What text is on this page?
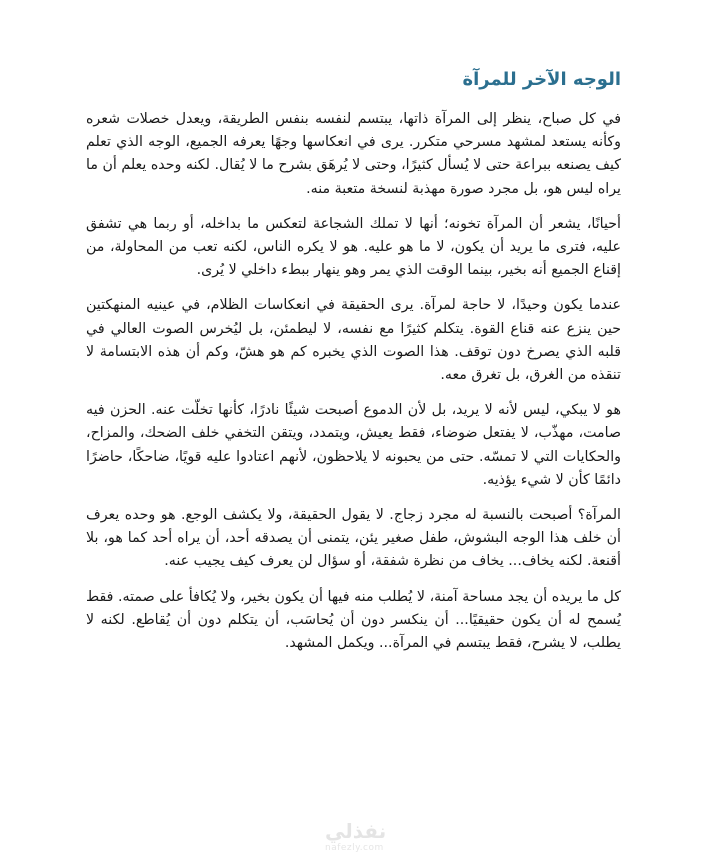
الوجه الآخر للمرآة

في كل صباح، ينظر إلى المرآة ذاتها، يبتسم لنفسه بنفس الطريقة، ويعدل خصلات شعره وكأنه يستعد لمشهد مسرحي متكرر. يرى في انعكاسها وجهًا يعرفه الجميع، الوجه الذي تعلم كيف يصنعه ببراعة حتى لا يُسأل كثيرًا، وحتى لا يُرهَق بشرح ما لا يُقال. لكنه وحده يعلم أن ما يراه ليس هو، بل مجرد صورة مهذبة لنسخة متعبة منه.

أحيانًا، يشعر أن المرآة تخونه؛ أنها لا تملك الشجاعة لتعكس ما بداخله، أو ربما هي تشفق عليه، فترى ما يريد أن يكون، لا ما هو عليه. هو لا يكره الناس، لكنه تعب من المحاولة، من إقناع الجميع أنه بخير، بينما الوقت الذي يمر وهو ينهار ببطء داخلي لا يُرى.

عندما يكون وحيدًا، لا حاجة لمرآة. يرى الحقيقة في انعكاسات الظلام، في عينيه المنهكتين حين ينزع عنه قناع القوة. يتكلم كثيرًا مع نفسه، لا ليطمئن، بل ليُخرس الصوت العالي في قلبه الذي يصرخ دون توقف. هذا الصوت الذي يخبره كم هو هشّ، وكم أن هذه الابتسامة لا تنقذه من الغرق، بل تغرق معه.

هو لا يبكي، ليس لأنه لا يريد، بل لأن الدموع أصبحت شيئًا نادرًا، كأنها تخلّت عنه. الحزن فيه صامت، مهذّب، لا يفتعل ضوضاء، فقط يعيش، ويتمدد، ويتقن التخفي خلف الضحك، والمزاح، والحكايات التي لا تمسّه. حتى من يحبونه لا يلاحظون، لأنهم اعتادوا عليه قويًا، ضاحكًا، حاضرًا دائمًا كأن لا شيء يؤذيه.

المرآة؟ أصبحت بالنسبة له مجرد زجاج. لا يقول الحقيقة، ولا يكشف الوجع. هو وحده يعرف أن خلف هذا الوجه البشوش، طفل صغير يئن، يتمنى أن يصدقه أحد، أن يراه أحد كما هو، بلا أقنعة. لكنه يخاف... يخاف من نظرة شفقة، أو سؤال لن يعرف كيف يجيب عنه.

كل ما يريده أن يجد مساحة آمنة، لا يُطلب منه فيها أن يكون بخير، ولا يُكافأ على صمته. فقط يُسمح له أن يكون حقيقيًا... أن ينكسر دون أن يُحاسَب، أن يتكلم دون أن يُقاطع. لكنه لا يطلب، لا يشرح، فقط يبتسم في المرآة... ويكمل المشهد.

نفذلي
nafezly.com
